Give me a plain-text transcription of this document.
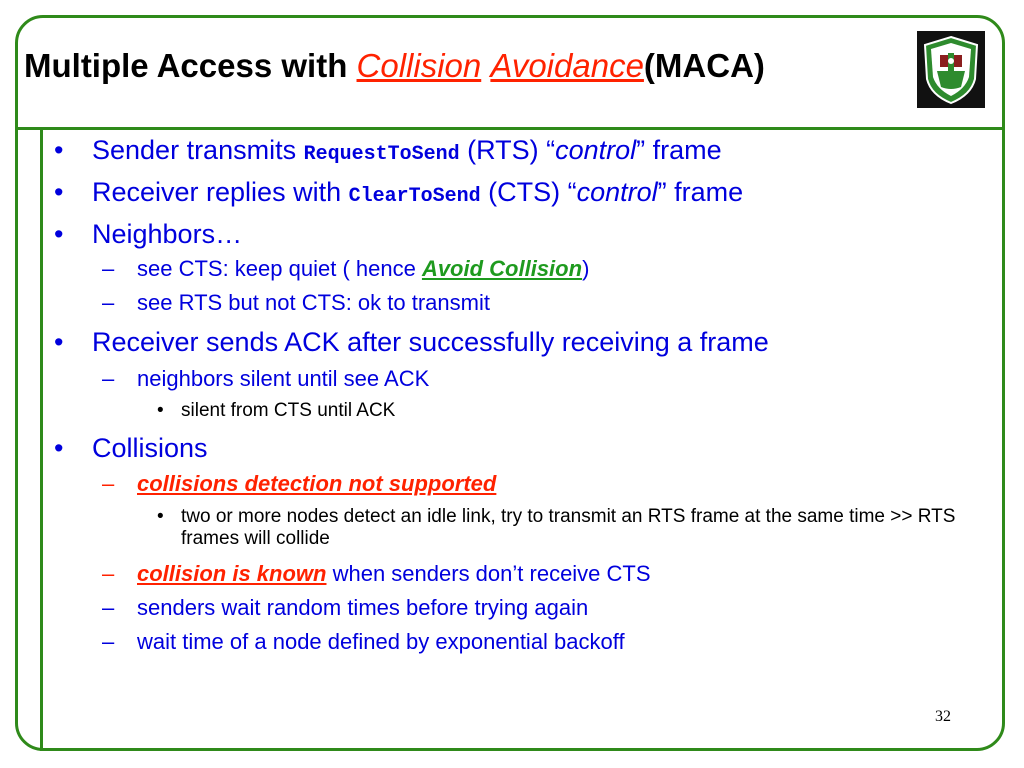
Multiple Access with Collision Avoidance(MACA)
• Sender transmits RequestToSend (RTS) “control” frame
• Receiver replies with ClearToSend (CTS) “control” frame
• Neighbors…
– see CTS: keep quiet ( hence Avoid Collision)
– see RTS but not CTS: ok to transmit
• Receiver sends ACK after successfully receiving a frame
– neighbors silent until see ACK
• silent from CTS until ACK
• Collisions
– collisions detection not supported
• two or more nodes detect an idle link, try to transmit an RTS frame at the same time >> RTS frames will collide
– collision is known when senders don’t receive CTS
– senders wait random times before trying again
– wait time of a node defined by exponential backoff
32
